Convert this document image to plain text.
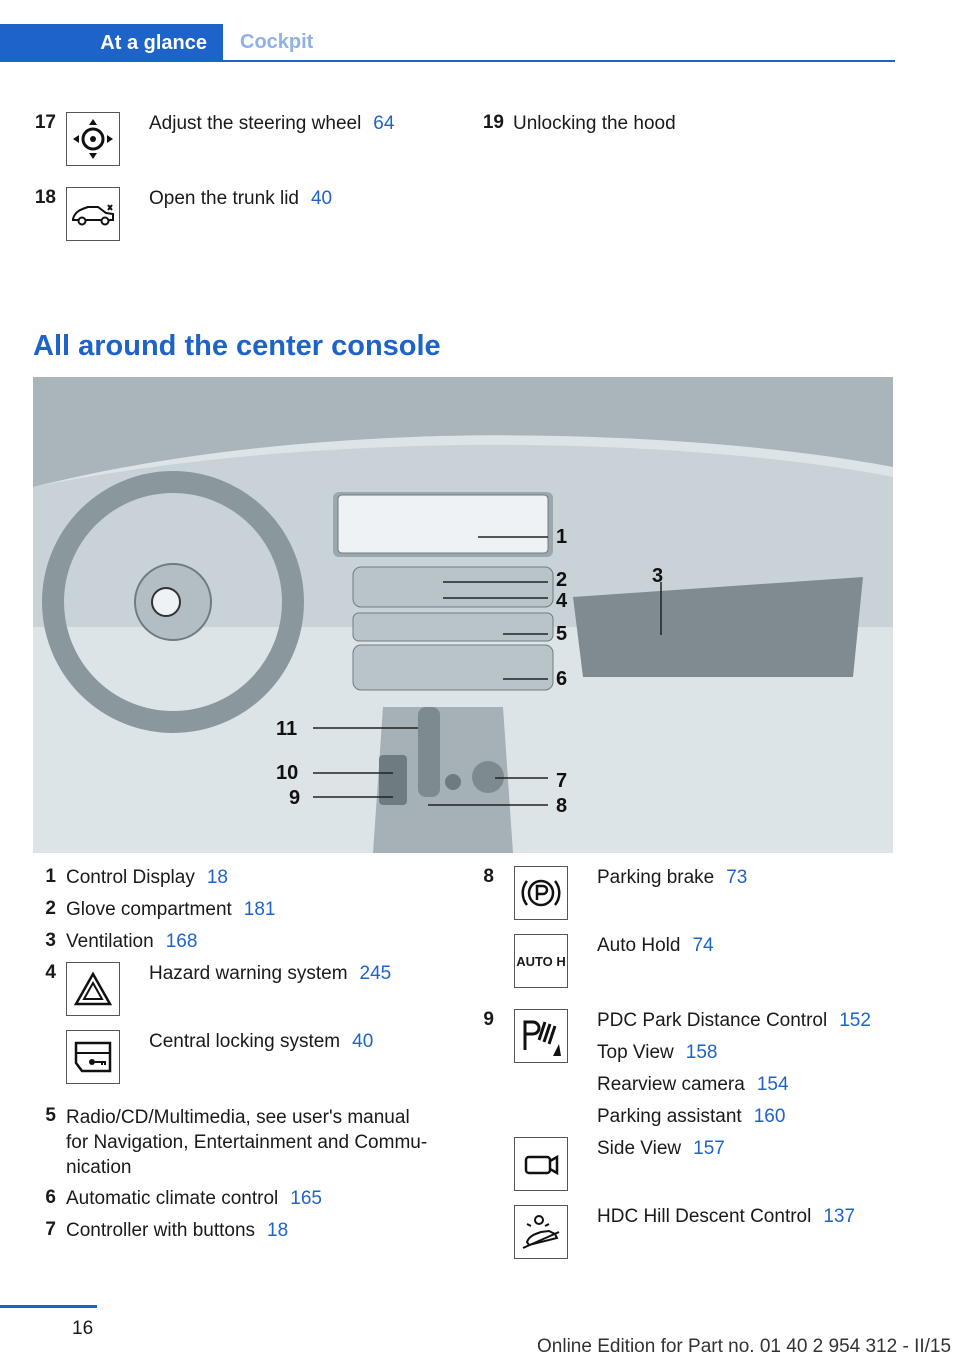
At a glance	Cockpit
17	Adjust the steering wheel 64
18	Open the trunk lid 40
19 Unlocking the hood
All around the center console
1
2	3
4
5
6
7
8
9
10
11
1 Control Display 18
2 Glove compartment 181
3 Ventilation 168
4	Hazard warning system 245
Central locking system 40
5 Radio/CD/Multimedia, see user's manual
for Navigation, Entertainment and Commu-
nication
6 Automatic climate control 165
7 Controller with buttons 18
8	Parking brake 73
AUTO H
Auto Hold 74
9	PDC Park Distance Control 152
Top View 158
Rearview camera 154
Parking assistant 160
Side View 157
HDC Hill Descent Control 137
16
Online Edition for Part no. 01 40 2 954 312 - II/15
